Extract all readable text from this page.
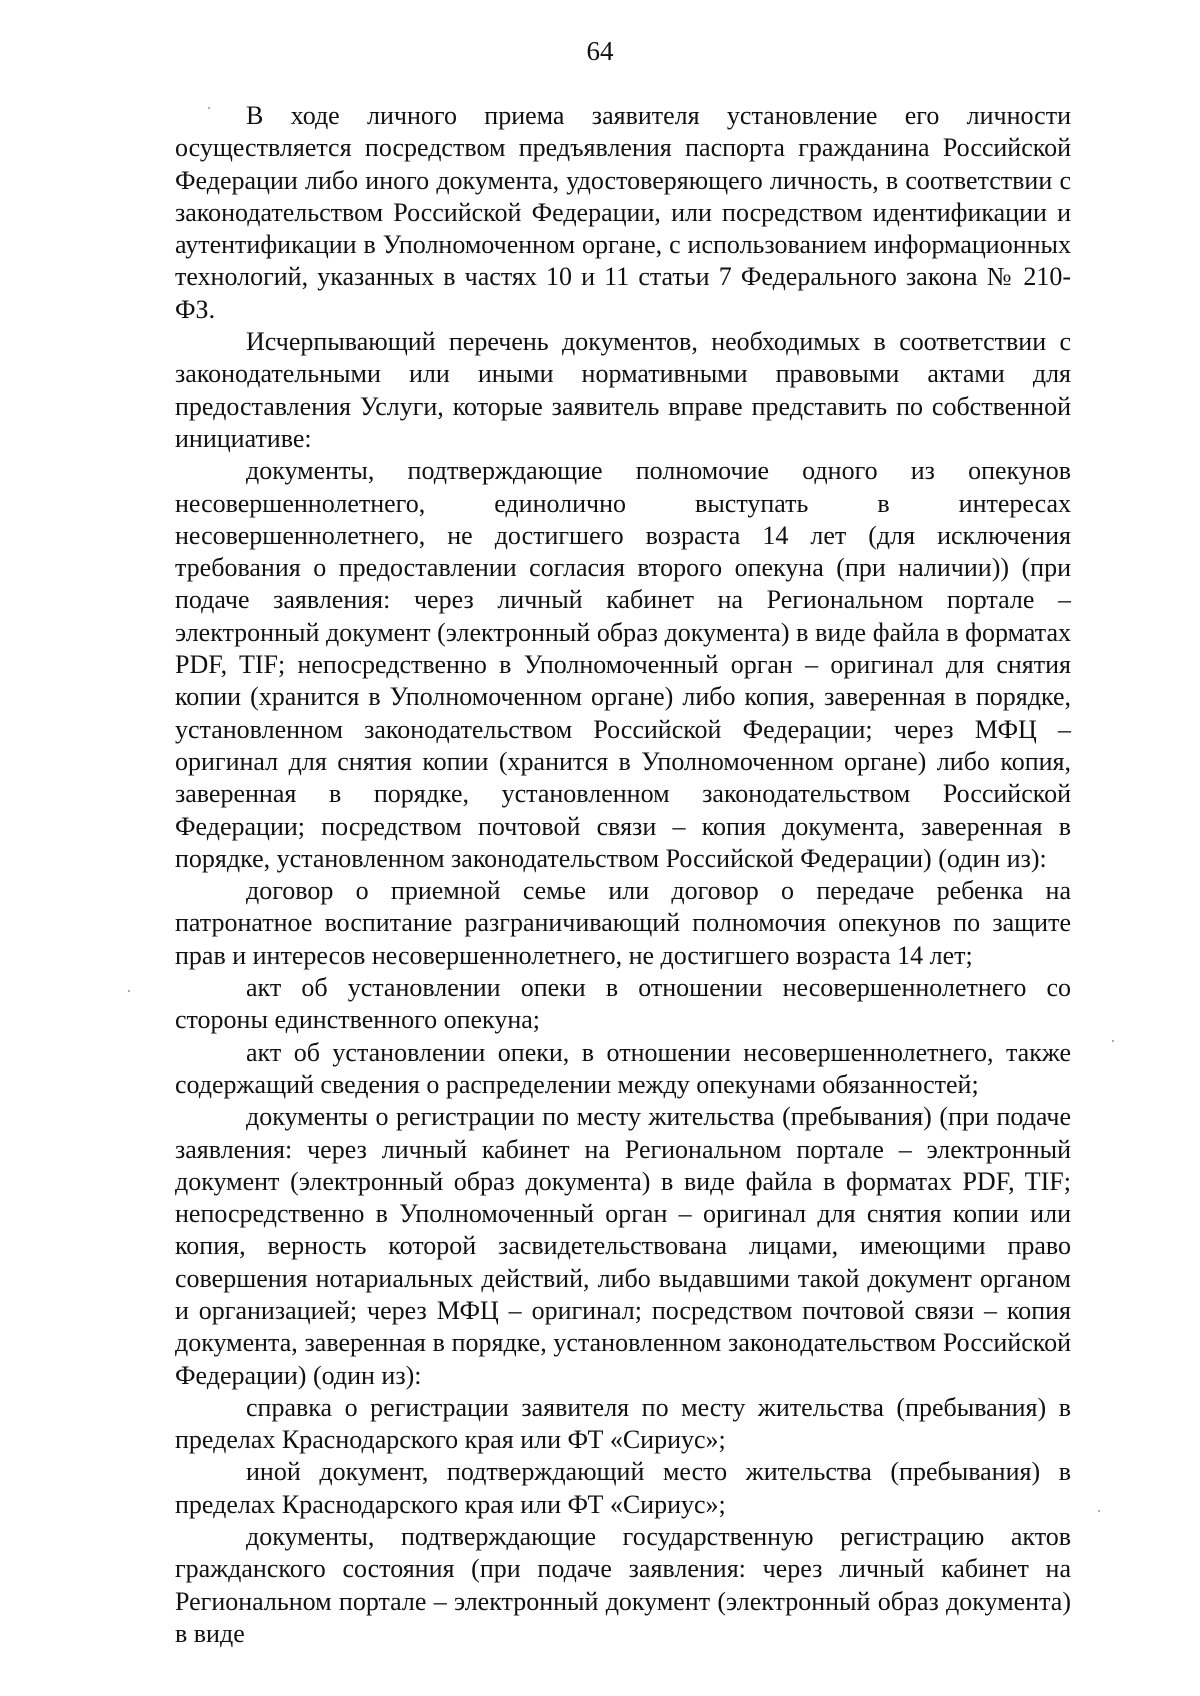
64

В ходе личного приема заявителя установление его личности осуществляется посредством предъявления паспорта гражданина Российской Федерации либо иного документа, удостоверяющего личность, в соответствии с законодательством Российской Федерации, или посредством идентификации и аутентификации в Уполномоченном органе, с использованием информационных технологий, указанных в частях 10 и 11 статьи 7 Федерального закона № 210-ФЗ.

Исчерпывающий перечень документов, необходимых в соответствии с законодательными или иными нормативными правовыми актами для предоставления Услуги, которые заявитель вправе представить по собственной инициативе:

документы, подтверждающие полномочие одного из опекунов несовершеннолетнего, единолично выступать в интересах несовершеннолетнего, не достигшего возраста 14 лет (для исключения требования о предоставлении согласия второго опекуна (при наличии)) (при подаче заявления: через личный кабинет на Региональном портале – электронный документ (электронный образ документа) в виде файла в форматах PDF, TIF; непосредственно в Уполномоченный орган – оригинал для снятия копии (хранится в Уполномоченном органе) либо копия, заверенная в порядке, установленном законодательством Российской Федерации; через МФЦ – оригинал для снятия копии (хранится в Уполномоченном органе) либо копия, заверенная в порядке, установленном законодательством Российской Федерации; посредством почтовой связи – копия документа, заверенная в порядке, установленном законодательством Российской Федерации) (один из):

договор о приемной семье или договор о передаче ребенка на патронатное воспитание разграничивающий полномочия опекунов по защите прав и интересов несовершеннолетнего, не достигшего возраста 14 лет;

акт об установлении опеки в отношении несовершеннолетнего со стороны единственного опекуна;

акт об установлении опеки, в отношении несовершеннолетнего, также содержащий сведения о распределении между опекунами обязанностей;

документы о регистрации по месту жительства (пребывания) (при подаче заявления: через личный кабинет на Региональном портале – электронный документ (электронный образ документа) в виде файла в форматах PDF, TIF; непосредственно в Уполномоченный орган – оригинал для снятия копии или копия, верность которой засвидетельствована лицами, имеющими право совершения нотариальных действий, либо выдавшими такой документ органом и организацией; через МФЦ – оригинал; посредством почтовой связи – копия документа, заверенная в порядке, установленном законодательством Российской Федерации) (один из):

справка о регистрации заявителя по месту жительства (пребывания) в пределах Краснодарского края или ФТ «Сириус»;

иной документ, подтверждающий место жительства (пребывания) в пределах Краснодарского края или ФТ «Сириус»;

документы, подтверждающие государственную регистрацию актов гражданского состояния (при подаче заявления: через личный кабинет на Региональном портале – электронный документ (электронный образ документа) в виде
